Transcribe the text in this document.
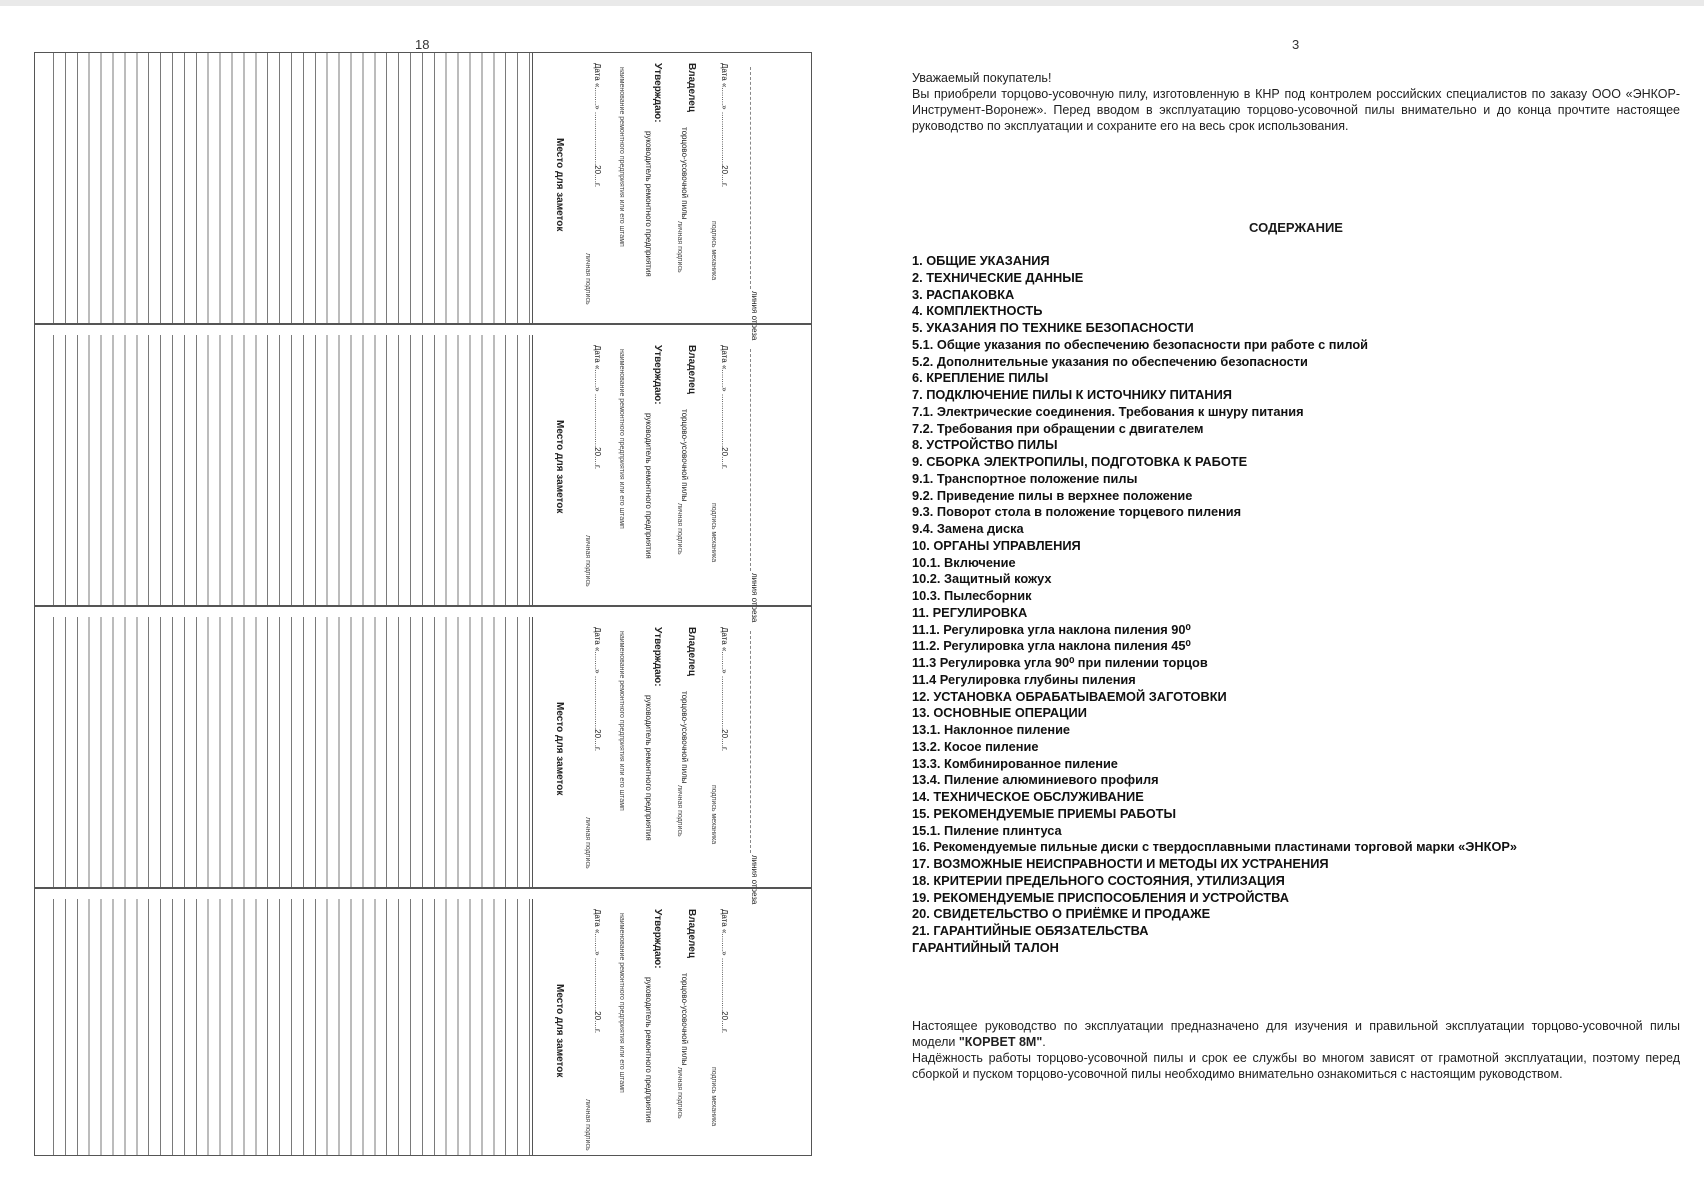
18
Место для заметок	Дата «........» ........................20....г.
личная подпись
наименование ремонтного предприятия или его штамп	Утверждаю:
руководитель ремонтного предприятия
Владелец
торцово-усовочной пилы
личная подпись
Дата «........» ........................20....г.
подпись механика
линия отреза
Место для заметок	Дата «........» ........................20....г.
личная подпись
наименование ремонтного предприятия или его штамп	Утверждаю:
руководитель ремонтного предприятия
Владелец
торцово-усовочной пилы
личная подпись
Дата «........» ........................20....г.
подпись механика
линия отреза
Место для заметок	Дата «........» ........................20....г.
личная подпись
наименование ремонтного предприятия или его штамп	Утверждаю:
руководитель ремонтного предприятия
Владелец
торцово-усовочной пилы
личная подпись
Дата «........» ........................20....г.
подпись механика
линия отреза
Место для заметок	Дата «........» ........................20....г.
личная подпись
наименование ремонтного предприятия или его штамп	Утверждаю:
руководитель ремонтного предприятия
Владелец
торцово-усовочной пилы
личная подпись
Дата «........» ........................20....г.
подпись механика
3

Уважаемый покупатель!

Вы приобрели торцово-усовочную пилу, изготовленную в КНР под контролем российских специалистов по заказу ООО «ЭНКОР-Инструмент-Воронеж». Перед вводом в эксплуатацию торцово-усовочной пилы внимательно и до конца прочтите настоящее руководство по эксплуатации и сохраните его на весь срок использования.

СОДЕРЖАНИЕ
1. ОБЩИЕ УКАЗАНИЯ
2. ТЕХНИЧЕСКИЕ ДАННЫЕ
3. РАСПАКОВКА
4. КОМПЛЕКТНОСТЬ
5. УКАЗАНИЯ ПО ТЕХНИКЕ БЕЗОПАСНОСТИ
5.1. Общие указания по обеспечению безопасности при работе с пилой
5.2. Дополнительные указания по обеспечению безопасности
6. КРЕПЛЕНИЕ ПИЛЫ
7. ПОДКЛЮЧЕНИЕ ПИЛЫ К ИСТОЧНИКУ ПИТАНИЯ
7.1. Электрические соединения. Требования к шнуру питания
7.2. Требования при обращении с двигателем
8. УСТРОЙСТВО ПИЛЫ
9. СБОРКА ЭЛЕКТРОПИЛЫ, ПОДГОТОВКА К РАБОТЕ
9.1. Транспортное положение пилы
9.2. Приведение пилы в верхнее положение
9.3. Поворот стола в положение торцевого пиления
9.4. Замена диска
10. ОРГАНЫ УПРАВЛЕНИЯ
10.1. Включение
10.2. Защитный кожух
10.3. Пылесборник
11. РЕГУЛИРОВКА
11.1. Регулировка угла наклона пиления 90⁰
11.2. Регулировка угла наклона пиления 45⁰
11.3 Регулировка угла 90⁰ при пилении торцов
11.4 Регулировка глубины пиления
12. УСТАНОВКА ОБРАБАТЫВАЕМОЙ ЗАГОТОВКИ
13. ОСНОВНЫЕ ОПЕРАЦИИ
13.1. Наклонное пиление
13.2. Косое пиление
13.3. Комбинированное пиление
13.4. Пиление алюминиевого профиля
14. ТЕХНИЧЕСКОЕ ОБСЛУЖИВАНИЕ
15. РЕКОМЕНДУЕМЫЕ ПРИЕМЫ РАБОТЫ
15.1. Пиление плинтуса
16. Рекомендуемые пильные диски с твердосплавными пластинами торговой марки «ЭНКОР»
17. ВОЗМОЖНЫЕ НЕИСПРАВНОСТИ И МЕТОДЫ ИХ УСТРАНЕНИЯ
18. КРИТЕРИИ ПРЕДЕЛЬНОГО СОСТОЯНИЯ, УТИЛИЗАЦИЯ
19. РЕКОМЕНДУЕМЫЕ ПРИСПОСОБЛЕНИЯ И УСТРОЙСТВА
20. СВИДЕТЕЛЬСТВО О ПРИЁМКЕ И ПРОДАЖЕ
21. ГАРАНТИЙНЫЕ ОБЯЗАТЕЛЬСТВА
ГАРАНТИЙНЫЙ ТАЛОН

Настоящее руководство по эксплуатации предназначено для изучения и правильной эксплуатации торцово-усовочной пилы модели "КОРВЕТ 8М".

Надёжность работы торцово-усовочной пилы и срок ее службы во многом зависят от грамотной эксплуатации, поэтому перед сборкой и пуском торцово-усовочной пилы необходимо внимательно ознакомиться с настоящим руководством.
